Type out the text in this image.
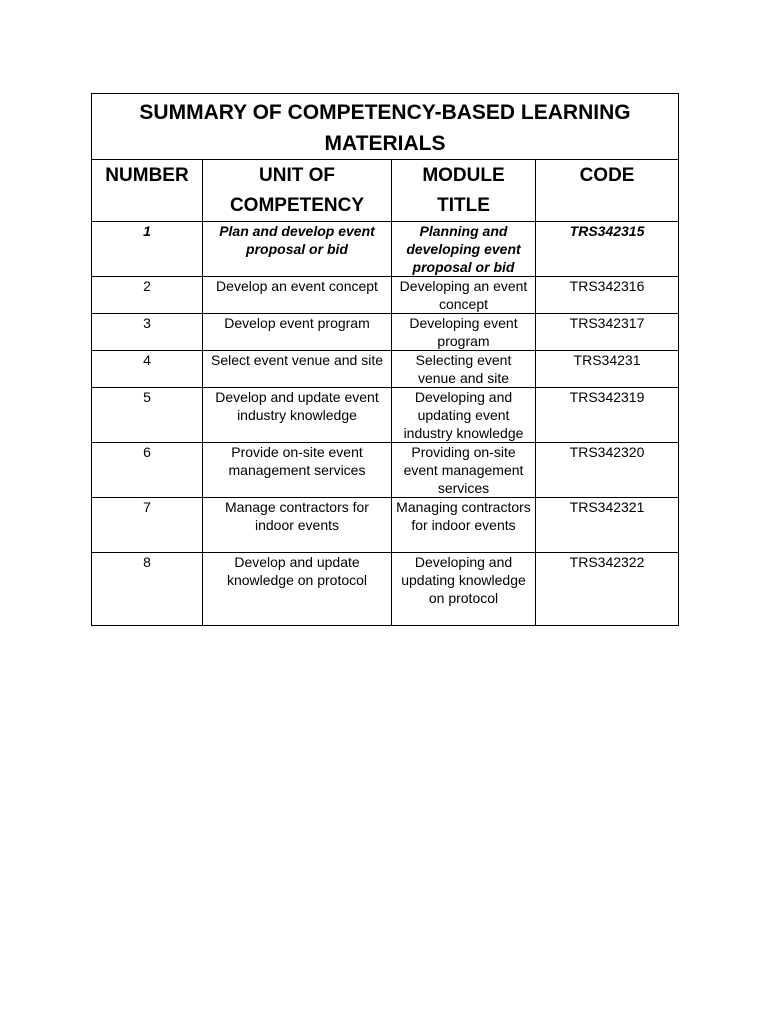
SUMMARY OF COMPETENCY-BASED LEARNING MATERIALS			
NUMBER	UNIT OF COMPETENCY	MODULE TITLE	CODE
1	Plan and develop event proposal or bid	Planning and developing event proposal or bid	TRS342315
2	Develop an event concept	Developing an event concept	TRS342316
3	Develop event program	Developing event program	TRS342317
4	Select event venue and site	Selecting event venue and site	TRS34231
5	Develop and update event industry knowledge	Developing and updating event industry knowledge	TRS342319
6	Provide on-site event management services	Providing on-site event management services	TRS342320
7	Manage contractors for indoor events	Managing contractors for indoor events	TRS342321
8	Develop and update knowledge on protocol	Developing and updating knowledge on protocol	TRS342322
